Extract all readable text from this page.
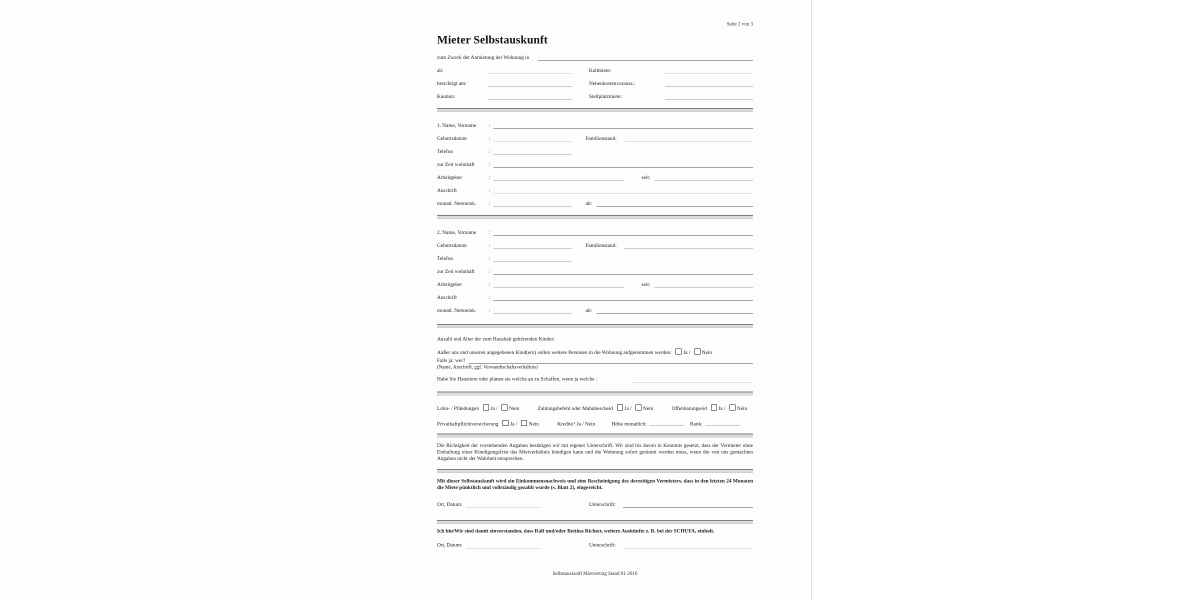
Seite 2 von 3
Mieter Selbstauskunft
zum Zweck der Anmietung der Wohnung in
ab:	Kaltmiete:
besichtigt am:	Nebenkostenvorausz.:
Kaution:	Stellplatzmiete:
1. Name, Vorname	:
Geburtsdatum	:	Familienstand:
Telefon	:
zur Zeit wohnhaft	:
Arbeitgeber	:	seit:
Anschrift	:
monatl. Nettoeink.	:	ab:
2. Name, Vorname	:
Geburtsdatum	:	Familienstand:
Telefon	:
zur Zeit wohnhaft	:
Arbeitgeber	:	seit:
Anschrift	:
monatl. Nettoeink.	:	ab:
Anzahl und Alter der zum Haushalt gehörenden Kinder:
Außer uns und unseren angegebenen Kind(ern) sollen weitere Personen in die Wohnung aufgenommen werden: Ja / Nein
Falls ja: wer?
(Name, Anschrift, ggf. Verwandtschaftsverhältnis)
Habe Sie Haustiere oder planen sie welche an zu Schaffen, wenn ja welche :
Lohn- / Pfändungen Ja / Nein Zahlungsbefehl oder Mahnbescheid Ja / Nein Offenbarungseid Ja / Nein
Privathaftpflichtversicherung Ja / Nein Kredite? Ja / Nein Höhe monatlich:	Bank:
Die Richtigkeit der vorstehenden Angaben bestätigen wir mit eigener Unterschrift. Wir sind bis davon in Kenntnis gesetzt, dass der Vermieter ohne Einhaltung einer Kündigungsfrist das Mietverhältnis kündigen kann und die Wohnung sofort geräumt werden muss, wenn die von uns gemachten Angaben nicht der Wahrheit entsprechen.
Mit dieser Selbstauskunft wird ein Einkommensnachweis und eine Bescheinigung des derzeitigen Vermieters, dass in den letzten 24 Monaten die Miete pünktlich und vollständig gezahlt wurde (s. Blatt 2), eingereicht.
Ort, Datum:	Unterschrift:
Ich bin/Wir sind damit einverstanden, dass Ralf und/oder Bettina Richter, weitere Auskünfte z. B. bei der SCHUFA, einholt.
Ort, Datum:	Unterschrift:
Selbstauskunft Mietvertrag Stand 01-2016
